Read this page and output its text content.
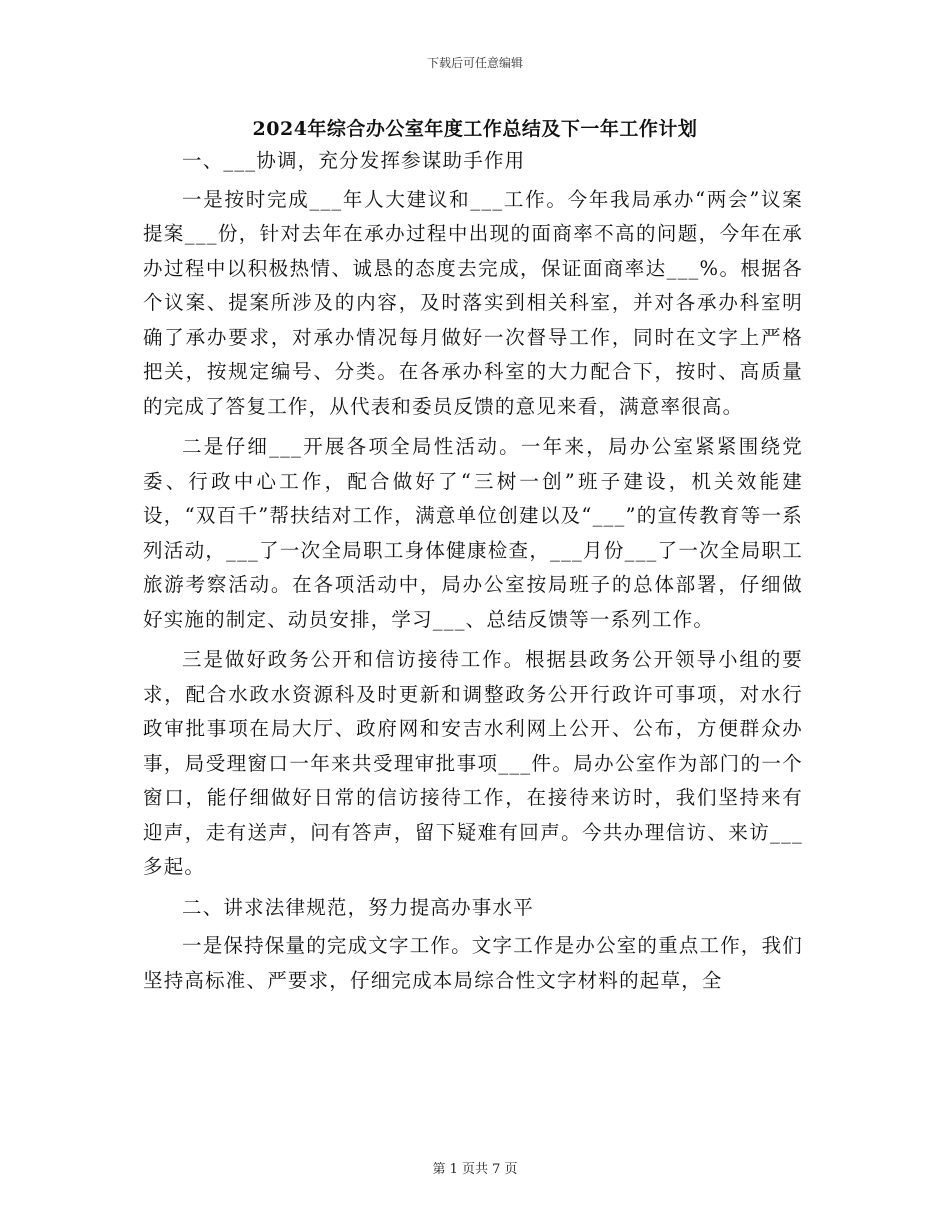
下载后可任意编辑
2024年综合办公室年度工作总结及下一年工作计划

一、___协调，充分发挥参谋助手作用

一是按时完成___年人大建议和___工作。今年我局承办“两会”议案提案___份，针对去年在承办过程中出现的面商率不高的问题，今年在承办过程中以积极热情、诚恳的态度去完成，保证面商率达___%。根据各个议案、提案所涉及的内容，及时落实到相关科室，并对各承办科室明确了承办要求，对承办情况每月做好一次督导工作，同时在文字上严格把关，按规定编号、分类。在各承办科室的大力配合下，按时、高质量的完成了答复工作，从代表和委员反馈的意见来看，满意率很高。

二是仔细___开展各项全局性活动。一年来，局办公室紧紧围绕党委、行政中心工作，配合做好了“三树一创”班子建设，机关效能建设，“双百千”帮扶结对工作，满意单位创建以及“___”的宣传教育等一系列活动，___了一次全局职工身体健康检查，___月份___了一次全局职工旅游考察活动。在各项活动中，局办公室按局班子的总体部署，仔细做好实施的制定、动员安排，学习___、总结反馈等一系列工作。

三是做好政务公开和信访接待工作。根据县政务公开领导小组的要求，配合水政水资源科及时更新和调整政务公开行政许可事项，对水行政审批事项在局大厅、政府网和安吉水利网上公开、公布，方便群众办事，局受理窗口一年来共受理审批事项___件。局办公室作为部门的一个窗口，能仔细做好日常的信访接待工作，在接待来访时，我们坚持来有迎声，走有送声，问有答声，留下疑难有回声。今共办理信访、来访___多起。

二、讲求法律规范，努力提高办事水平

一是保持保量的完成文字工作。文字工作是办公室的重点工作，我们坚持高标准、严要求，仔细完成本局综合性文字材料的起草，全

第 1 页共 7 页
